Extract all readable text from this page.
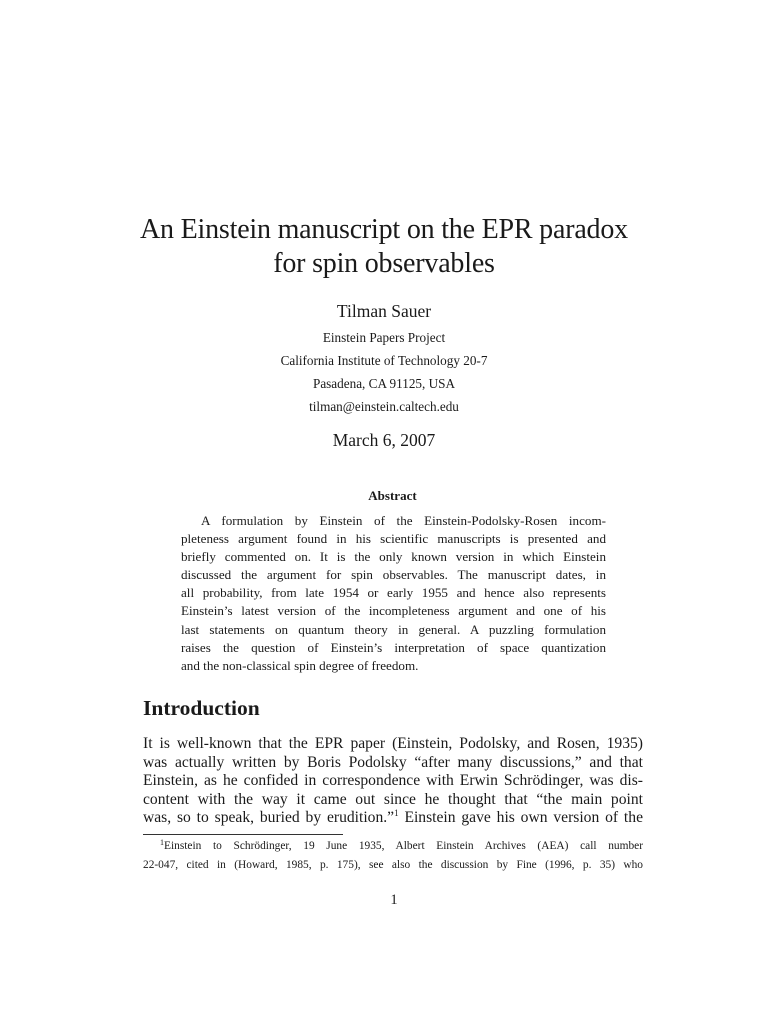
An Einstein manuscript on the EPR paradox
for spin observables
Tilman Sauer
Einstein Papers Project
California Institute of Technology 20-7
Pasadena, CA 91125, USA
tilman@einstein.caltech.edu
March 6, 2007
Abstract
A formulation by Einstein of the Einstein-Podolsky-Rosen incom-
pleteness argument found in his scientific manuscripts is presented and
briefly commented on. It is the only known version in which Einstein
discussed the argument for spin observables. The manuscript dates, in
all probability, from late 1954 or early 1955 and hence also represents
Einstein’s latest version of the incompleteness argument and one of his
last statements on quantum theory in general. A puzzling formulation
raises the question of Einstein’s interpretation of space quantization
and the non-classical spin degree of freedom.
Introduction
It is well-known that the EPR paper (Einstein, Podolsky, and Rosen, 1935)
was actually written by Boris Podolsky “after many discussions,” and that
Einstein, as he confided in correspondence with Erwin Schrödinger, was dis-
content with the way it came out since he thought that “the main point
was, so to speak, buried by erudition.”$^1$ Einstein gave his own version of the
$^1$Einstein to Schrödinger, 19 June 1935, Albert Einstein Archives (AEA) call number
22-047, cited in (Howard, 1985, p. 175), see also the discussion by Fine (1996, p. 35) who
1
